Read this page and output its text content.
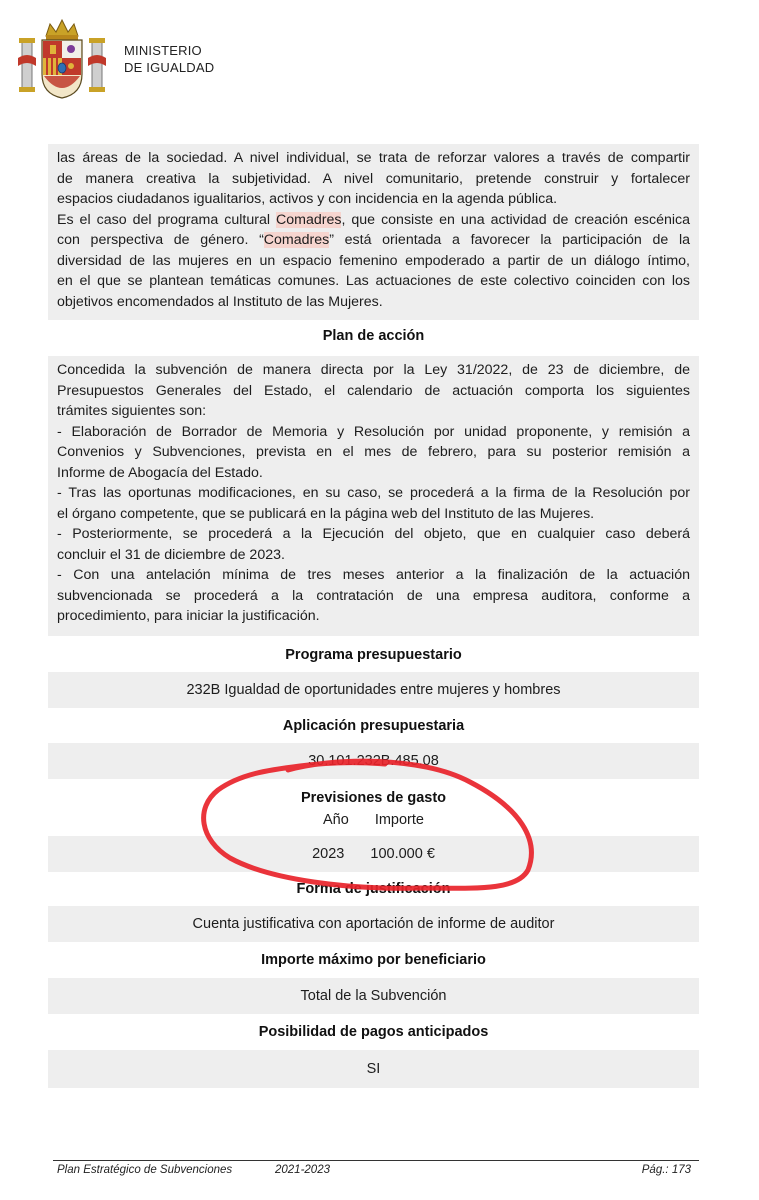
MINISTERIO
DE IGUALDAD
las áreas de la sociedad. A nivel individual, se trata de reforzar valores a través de compartir
de manera creativa la subjetividad. A nivel comunitario, pretende construir y fortalecer
espacios ciudadanos igualitarios, activos y con incidencia en la agenda pública.
Es el caso del programa cultural Comadres, que consiste en una actividad de creación escénica
con perspectiva de género. “Comadres” está orientada a favorecer la participación de la
diversidad de las mujeres en un espacio femenino empoderado a partir de un diálogo íntimo,
en el que se plantean temáticas comunes. Las actuaciones de este colectivo coinciden con los
objetivos encomendados al Instituto de las Mujeres.
Plan de acción
Concedida la subvención de manera directa por la Ley 31/2022, de 23 de diciembre, de
Presupuestos Generales del Estado, el calendario de actuación comporta los siguientes
trámites siguientes son:
- Elaboración de Borrador de Memoria y Resolución por unidad proponente, y remisión a
Convenios y Subvenciones, prevista en el mes de febrero, para su posterior remisión a
Informe de Abogacía del Estado.
- Tras las oportunas modificaciones, en su caso, se procederá a la firma de la Resolución por
el órgano competente, que se publicará en la página web del Instituto de las Mujeres.
- Posteriormente, se procederá a la Ejecución del objeto, que en cualquier caso deberá
concluir el 31 de diciembre de 2023.
- Con una antelación mínima de tres meses anterior a la finalización de la actuación
subvencionada se procederá a la contratación de una empresa auditora, conforme a
procedimiento, para iniciar la justificación.
Programa presupuestario
232B Igualdad de oportunidades entre mujeres y hombres
Aplicación presupuestaria
30.101.232B.485.08
Previsiones de gasto
Año Importe
2023 100.000 €
Forma de justificación
Cuenta justificativa con aportación de informe de auditor
Importe máximo por beneficiario
Total de la Subvención
Posibilidad de pagos anticipados
SI
Plan Estratégico de Subvenciones	2021-2023	Pág.: 173
